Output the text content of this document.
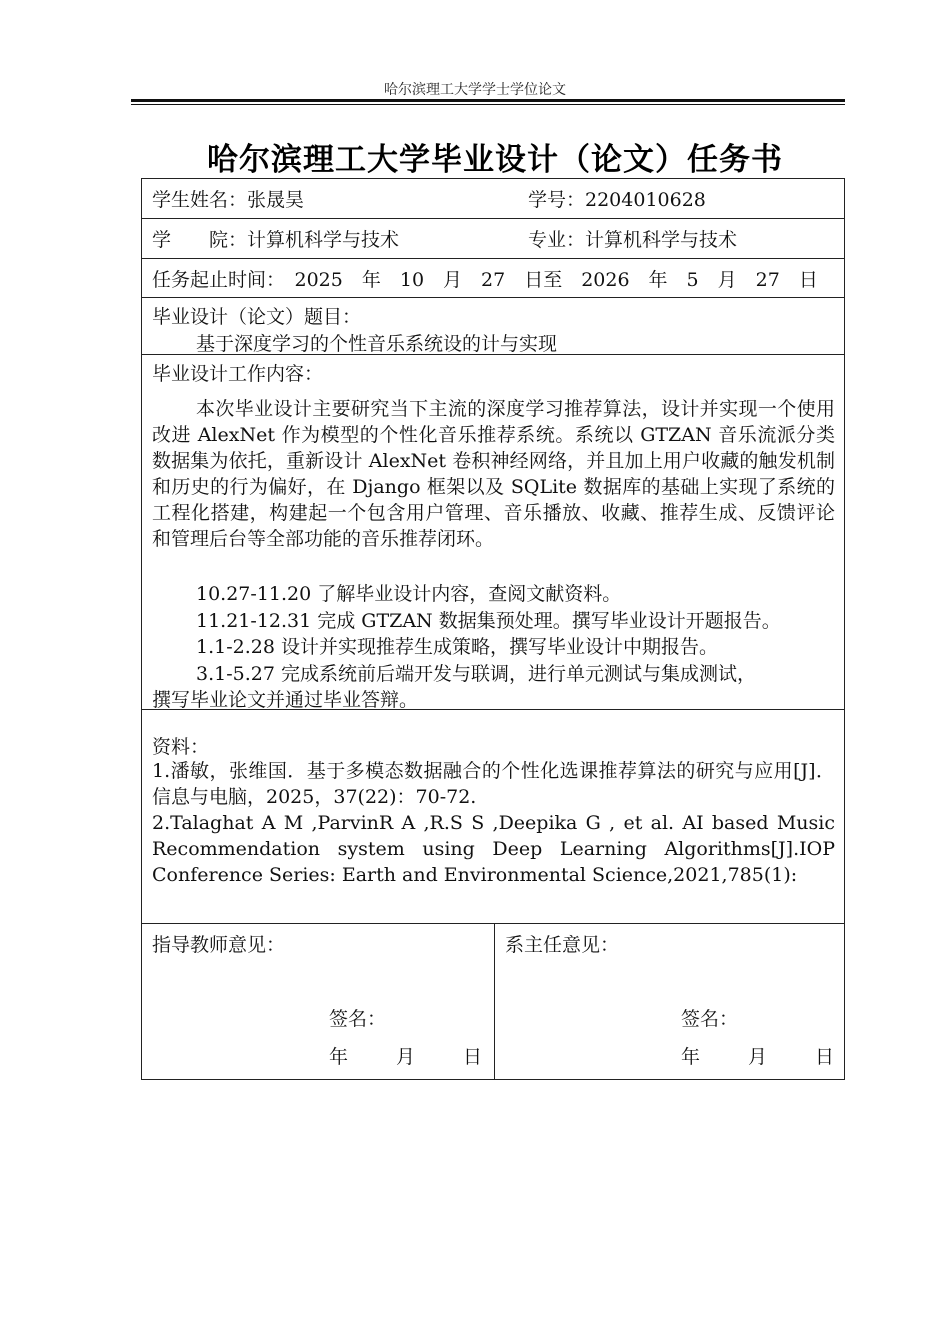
哈尔滨理工大学学士学位论文
哈尔滨理工大学毕业设计（论文）任务书
学生姓名：张晟昊	学号：2204010628
学　　院：计算机科学与技术	专业：计算机科学与技术
任务起止时间：　2025　年　10　月　27　日至　2026　年　5　月　27　日
毕业设计（论文）题目：
基于深度学习的个性音乐系统设的计与实现
毕业设计工作内容：
本次毕业设计主要研究当下主流的深度学习推荐算法，设计并实现一个使用改进 AlexNet 作为模型的个性化音乐推荐系统。系统以 GTZAN 音乐流派分类数据集为依托，重新设计 AlexNet 卷积神经网络，并且加上用户收藏的触发机制和历史的行为偏好，在 Django 框架以及 SQLite 数据库的基础上实现了系统的工程化搭建，构建起一个包含用户管理、音乐播放、收藏、推荐生成、反馈评论和管理后台等全部功能的音乐推荐闭环。
10.27-11.20 了解毕业设计内容，查阅文献资料。
11.21-12.31 完成 GTZAN 数据集预处理。撰写毕业设计开题报告。
1.1-2.28 设计并实现推荐生成策略，撰写毕业设计中期报告。
3.1-5.27 完成系统前后端开发与联调，进行单元测试与集成测试，
撰写毕业论文并通过毕业答辩。
资料：
1.潘敏，张维国．基于多模态数据融合的个性化选课推荐算法的研究与应用[J]．信息与电脑，2025，37(22)：70-72.
2.Talaghat A M ,ParvinR A ,R.S S ,Deepika G , et al. AI based Music Recommendation system using Deep Learning Algorithms[J].IOP Conference Series: Earth and Environmental Science,2021,785(1):
指导教师意见：
签名：
年	月	日
系主任意见：
签名：
年	月	日
